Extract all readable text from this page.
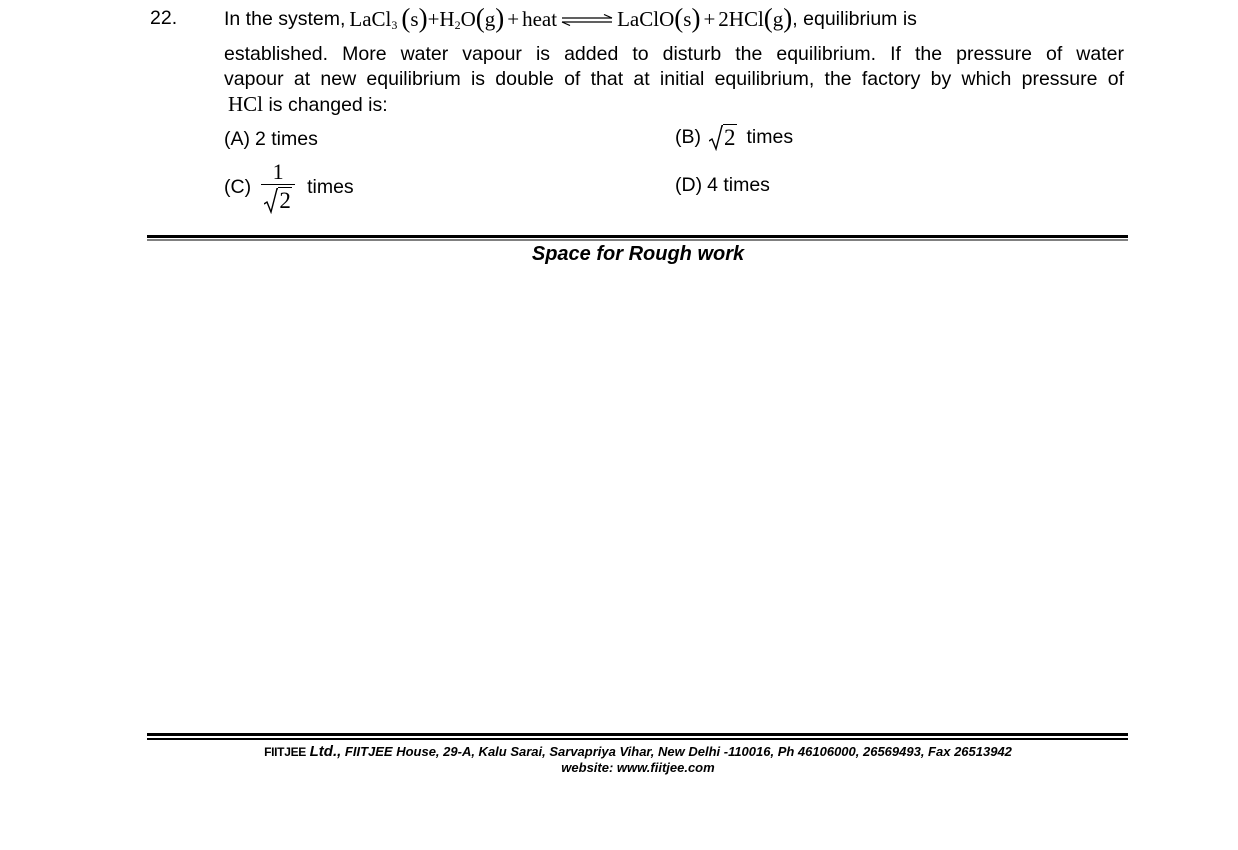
22. In the system, LaCl 3 ( s ) + H 2 O ( g ) + heat ⇌ LaClO ( s ) + 2HCl ( g ) , equilibrium is
established. More water vapour is added to disturb the equilibrium. If the pressure of water
vapour at new equilibrium is double of that at initial equilibrium, the factory by which pressure of
HCl is changed is:
(A) 2 times	(B) 2 times
$(C) \frac{1}{2}$ times	(D) 4 times
Space for Rough work
FIITJEE Ltd., FIITJEE House, 29-A, Kalu Sarai, Sarvapriya Vihar, New Delhi -110016, Ph 46106000, 26569493, Fax 26513942
website: www.fiitjee.com
